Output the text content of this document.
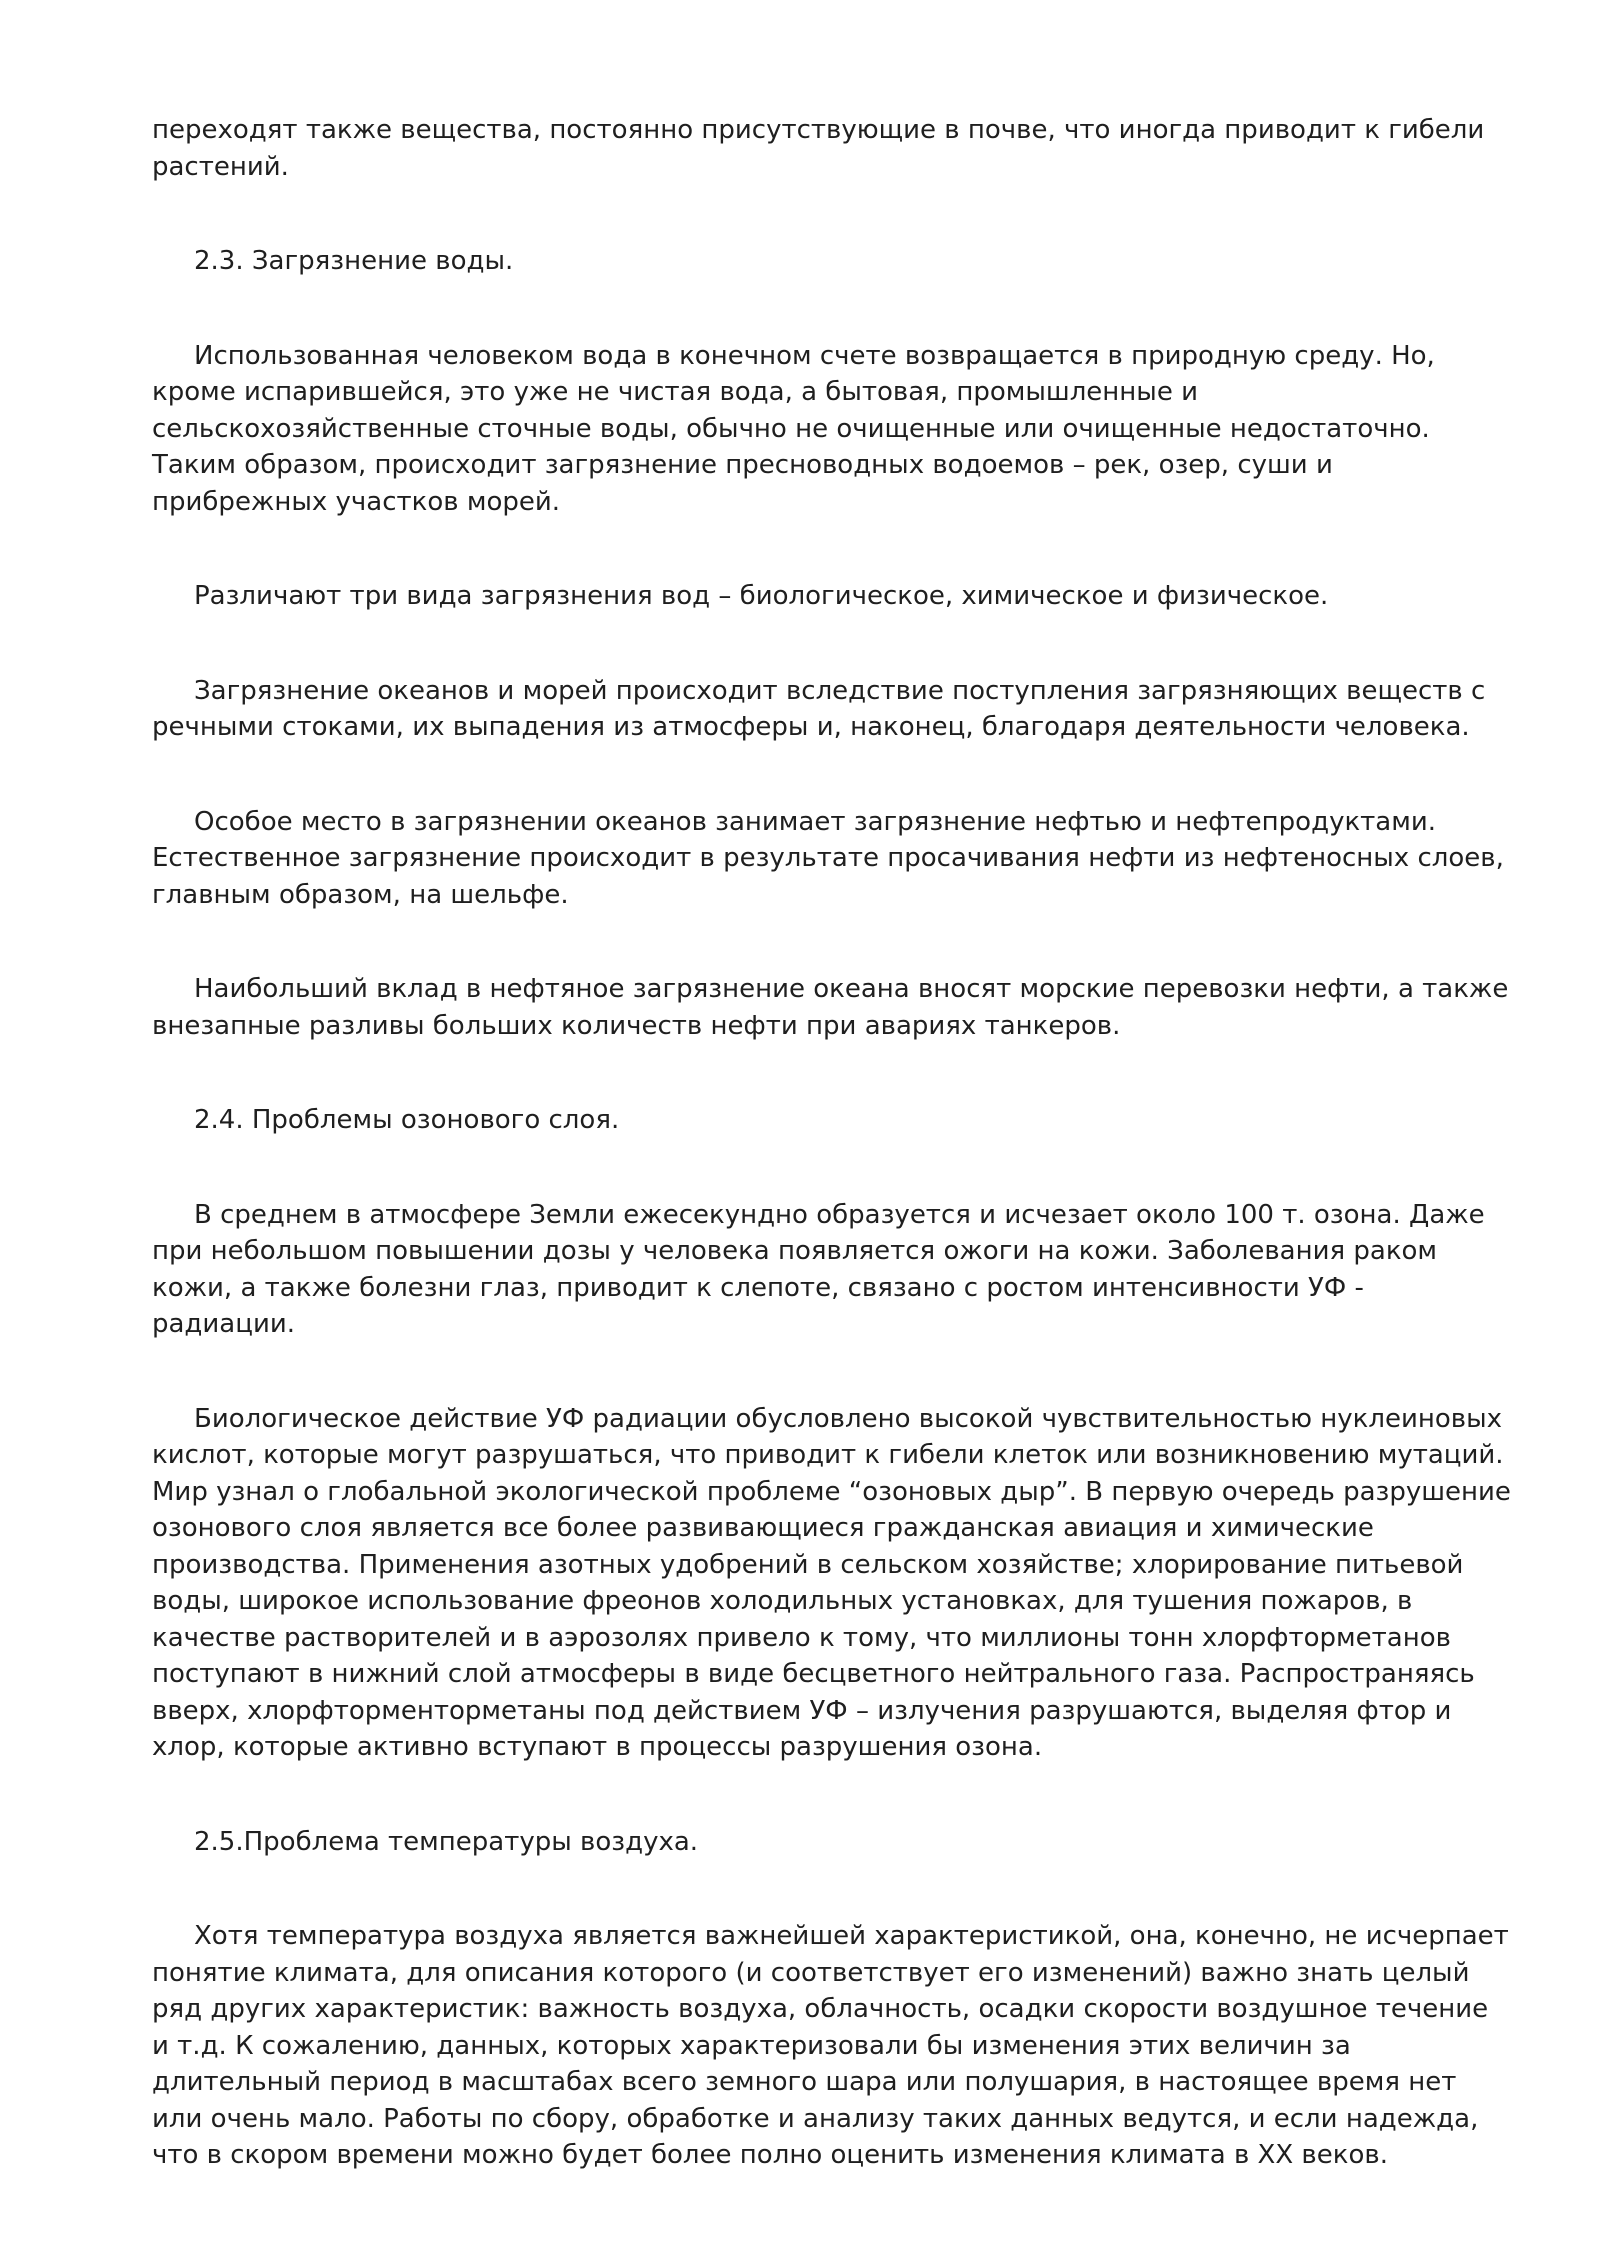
переходят также вещества, постоянно присутствующие в почве, что иногда приводит к гибели растений.

2.3. Загрязнение воды.

Использованная человеком вода в конечном счете возвращается в природную среду. Но, кроме испарившейся, это уже не чистая вода, а бытовая, промышленные и сельскохозяйственные сточные воды, обычно не очищенные или очищенные недостаточно. Таким образом, происходит загрязнение пресноводных водоемов – рек, озер, суши и прибрежных участков морей.

Различают три вида загрязнения вод – биологическое, химическое и физическое.

Загрязнение океанов и морей происходит вследствие поступления загрязняющих веществ с речными стоками, их выпадения из атмосферы и, наконец, благодаря деятельности человека.

Особое место в загрязнении океанов занимает загрязнение нефтью и нефтепродуктами. Естественное загрязнение происходит в результате просачивания нефти из нефтеносных слоев, главным образом, на шельфе.

Наибольший вклад в нефтяное загрязнение океана вносят морские перевозки нефти, а также внезапные разливы больших количеств нефти при авариях танкеров.

2.4. Проблемы озонового слоя.

В среднем в атмосфере Земли ежесекундно образуется и исчезает около 100 т. озона. Даже при небольшом повышении дозы у человека появляется ожоги на кожи. Заболевания раком кожи, а также болезни глаз, приводит к слепоте, связано с ростом интенсивности УФ - радиации.

Биологическое действие УФ радиации обусловлено высокой чувствительностью нуклеиновых кислот, которые могут разрушаться, что приводит к гибели клеток или возникновению мутаций. Мир узнал о глобальной экологической проблеме “озоновых дыр”. В первую очередь разрушение озонового слоя является все более развивающиеся гражданская авиация и химические производства. Применения азотных удобрений в сельском хозяйстве; хлорирование питьевой воды, широкое использование фреонов холодильных установках, для тушения пожаров, в качестве растворителей и в аэрозолях привело к тому, что миллионы тонн хлорфторметанов поступают в нижний слой атмосферы в виде бесцветного нейтрального газа. Распространяясь вверх, хлорфторменторметаны под действием УФ – излучения разрушаются, выделяя фтор и хлор, которые активно вступают в процессы разрушения озона.

2.5.Проблема температуры воздуха.

Хотя температура воздуха является важнейшей характеристикой, она, конечно, не исчерпает понятие климата, для описания которого (и соответствует его изменений) важно знать целый ряд других характеристик: важность воздуха, облачность, осадки скорости воздушное течение и т.д. К сожалению, данных, которых характеризовали бы изменения этих величин за длительный период в масштабах всего земного шара или полушария, в настоящее время нет или очень мало. Работы по сбору, обработке и анализу таких данных ведутся, и если надежда, что в скором времени можно будет более полно оценить изменения климата в XX веков.
